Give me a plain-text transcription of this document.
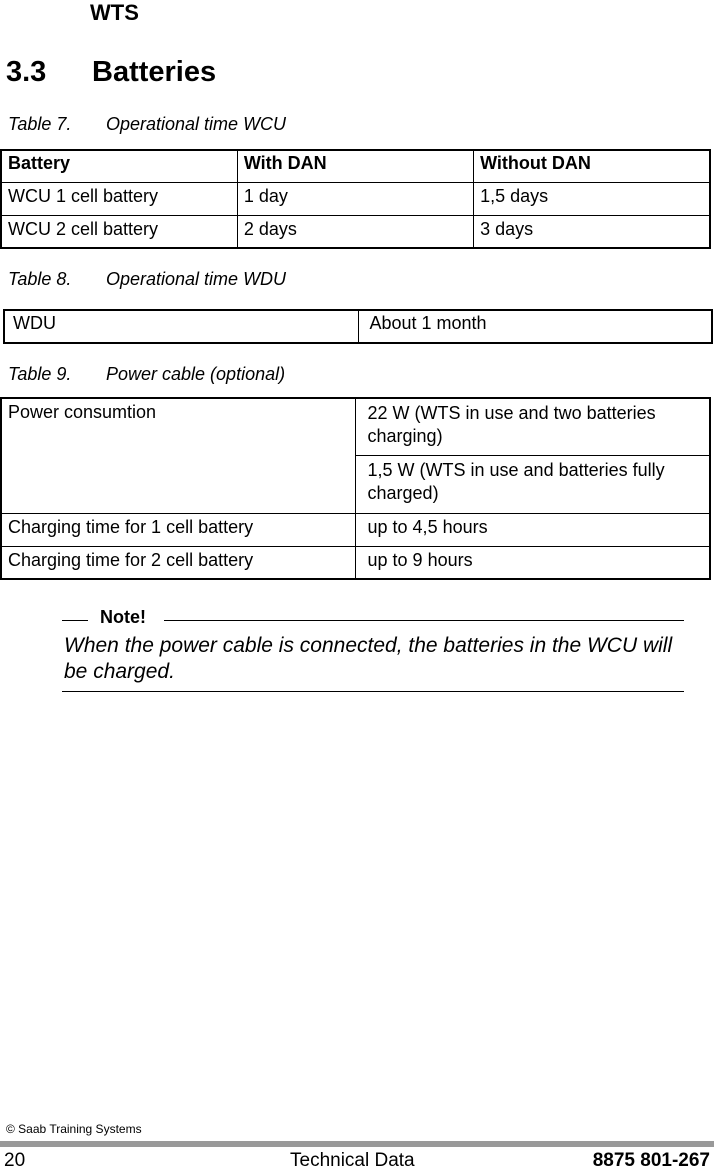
WTS
3.3 Batteries
Table 7. Operational time WCU
Battery	With DAN	Without DAN
WCU 1 cell battery	1 day	1,5 days
WCU 2 cell battery	2 days	3 days
Table 8. Operational time WDU
WDU	About 1 month
Table 9. Power cable (optional)
Power consumtion	22 W (WTS in use and two batteries charging)
	1,5 W (WTS in use and batteries fully charged)
Charging time for 1 cell battery	up to 4,5 hours
Charging time for 2 cell battery	up to 9 hours
Note!
When the power cable is connected, the batteries in the WCU will be charged.
© Saab Training Systems
20	Technical Data	8875 801-267
